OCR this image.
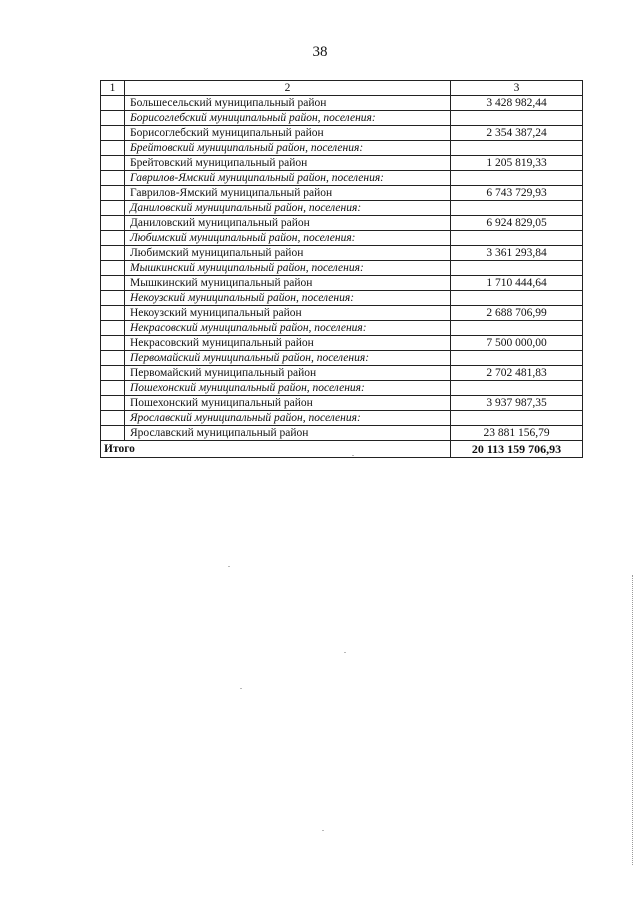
38
1	2	3
	Большесельский муниципальный район	3 428 982,44
	Борисоглебский муниципальный район, поселения:	
	Борисоглебский муниципальный район	2 354 387,24
	Брейтовский муниципальный район, поселения:	
	Брейтовский муниципальный район	1 205 819,33
	Гаврилов-Ямский муниципальный район, поселения:	
	Гаврилов-Ямский муниципальный район	6 743 729,93
	Даниловский муниципальный район, поселения:	
	Даниловский муниципальный район	6 924 829,05
	Любимский муниципальный район, поселения:	
	Любимский муниципальный район	3 361 293,84
	Мышкинский муниципальный район, поселения:	
	Мышкинский муниципальный район	1 710 444,64
	Некоузский муниципальный район, поселения:	
	Некоузский муниципальный район	2 688 706,99
	Некрасовский муниципальный район, поселения:	
	Некрасовский муниципальный район	7 500 000,00
	Первомайский муниципальный район, поселения:	
	Первомайский муниципальный район	2 702 481,83
	Пошехонский муниципальный район, поселения:	
	Пошехонский муниципальный район	3 937 987,35
	Ярославский муниципальный район, поселения:	
	Ярославский муниципальный район	23 881 156,79
Итого		20 113 159 706,93
